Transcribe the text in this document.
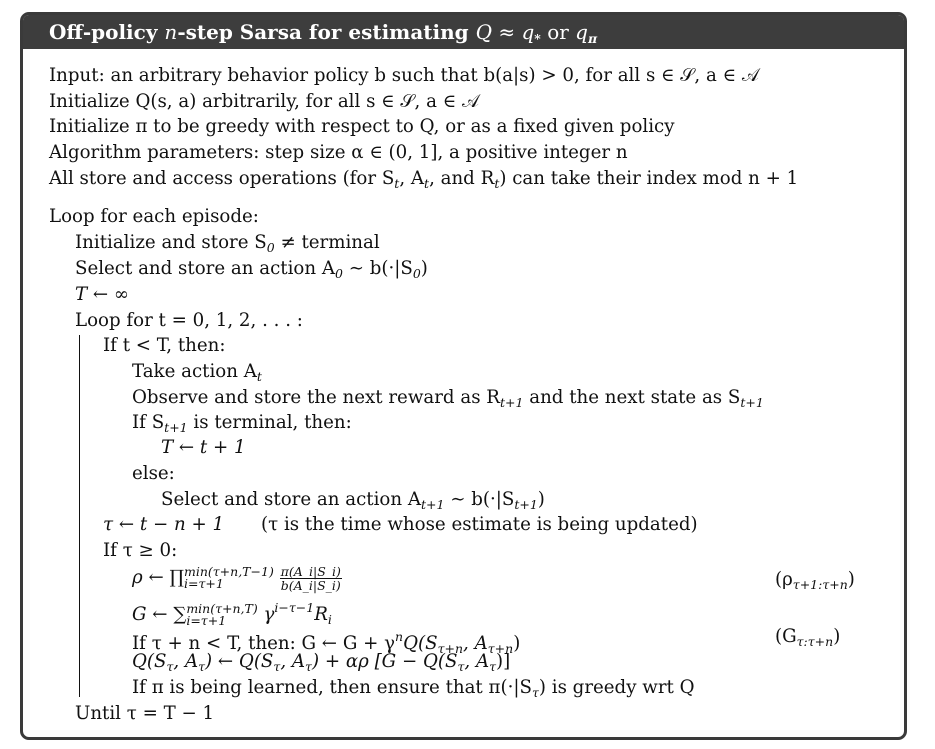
Off-policy n-step Sarsa for estimating $Q \approx q_*$ or $q_\pi$
Input: an arbitrary behavior policy b such that b(a|s) > 0, for all s ∈ 𝒮, a ∈ 𝒜
Initialize Q(s, a) arbitrarily, for all s ∈ 𝒮, a ∈ 𝒜
Initialize π to be greedy with respect to Q, or as a fixed given policy
Algorithm parameters: step size α ∈ (0, 1], a positive integer n
All store and access operations (for $S_t$, $A_t$, and $R_t$) can take their index mod n + 1
Loop for each episode:
Initialize and store $S_0$ ≠ terminal
Select and store an action $A_0$ ∼ $b(\cdot|S_0)$
T ← ∞
Loop for t = 0, 1, 2, . . . :
If t < T, then:
Take action $A_t$
Observe and store the next reward as $R_{t+1}$ and the next state as $S_{t+1}$
If $S_{t+1}$ is terminal, then:
T ← t + 1
else:
Select and store an action $A_{t+1}$ ∼ $b(\cdot|S_{t+1})$
τ ← t − n + 1 (τ is the time whose estimate is being updated)
If τ ≥ 0:
ρ ← ∏ min(τ+n,T−1)
i=τ+1
	$\frac{\pi(A\_i|S\_i)}{b(A\_i|S\_i)}$	$(\rho_{\tau+1:\tau+n})$
G ← ∑ min(τ+n,T)
i=τ+1	$\gamma^{i-\tau-1}R_i$
If τ + n < T, then: G ← $G + \gamma^nQ(S_{\tau+n}$, $A_{\tau+n}$)	$(G_{\tau:\tau+n})$
$Q(S_\tau$, $A_\tau$) ← $Q(S_\tau$, $A_\tau) + \alpha\rho$ [$G - Q(S_\tau$, $A_\tau$)]
If π is being learned, then ensure that $\pi(\cdot|S_\tau)$ is greedy wrt Q
Until τ = T − 1
